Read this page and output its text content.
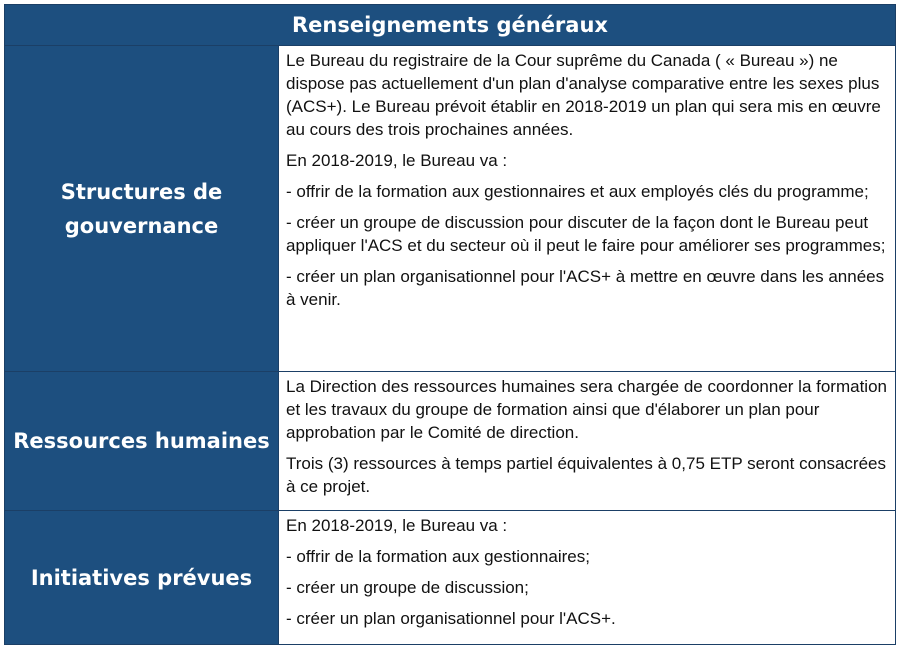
Renseignements généraux
Structures de gouvernance

Le Bureau du registraire de la Cour suprême du Canada ( « Bureau ») ne dispose pas actuellement d'un plan d'analyse comparative entre les sexes plus (ACS+). Le Bureau prévoit établir en 2018-2019 un plan qui sera mis en œuvre au cours des trois prochaines années.

En 2018-2019, le Bureau va :

- offrir de la formation aux gestionnaires et aux employés clés du programme;

- créer un groupe de discussion pour discuter de la façon dont le Bureau peut appliquer l'ACS et du secteur où il peut le faire pour améliorer ses programmes;

- créer un plan organisationnel pour l'ACS+ à mettre en œuvre dans les années à venir.

Ressources humaines

La Direction des ressources humaines sera chargée de coordonner la formation et les travaux du groupe de formation ainsi que d'élaborer un plan pour approbation par le Comité de direction.

Trois (3) ressources à temps partiel équivalentes à 0,75 ETP seront consacrées à ce projet.

Initiatives prévues

En 2018-2019, le Bureau va :

- offrir de la formation aux gestionnaires;

- créer un groupe de discussion;

- créer un plan organisationnel pour l'ACS+.
